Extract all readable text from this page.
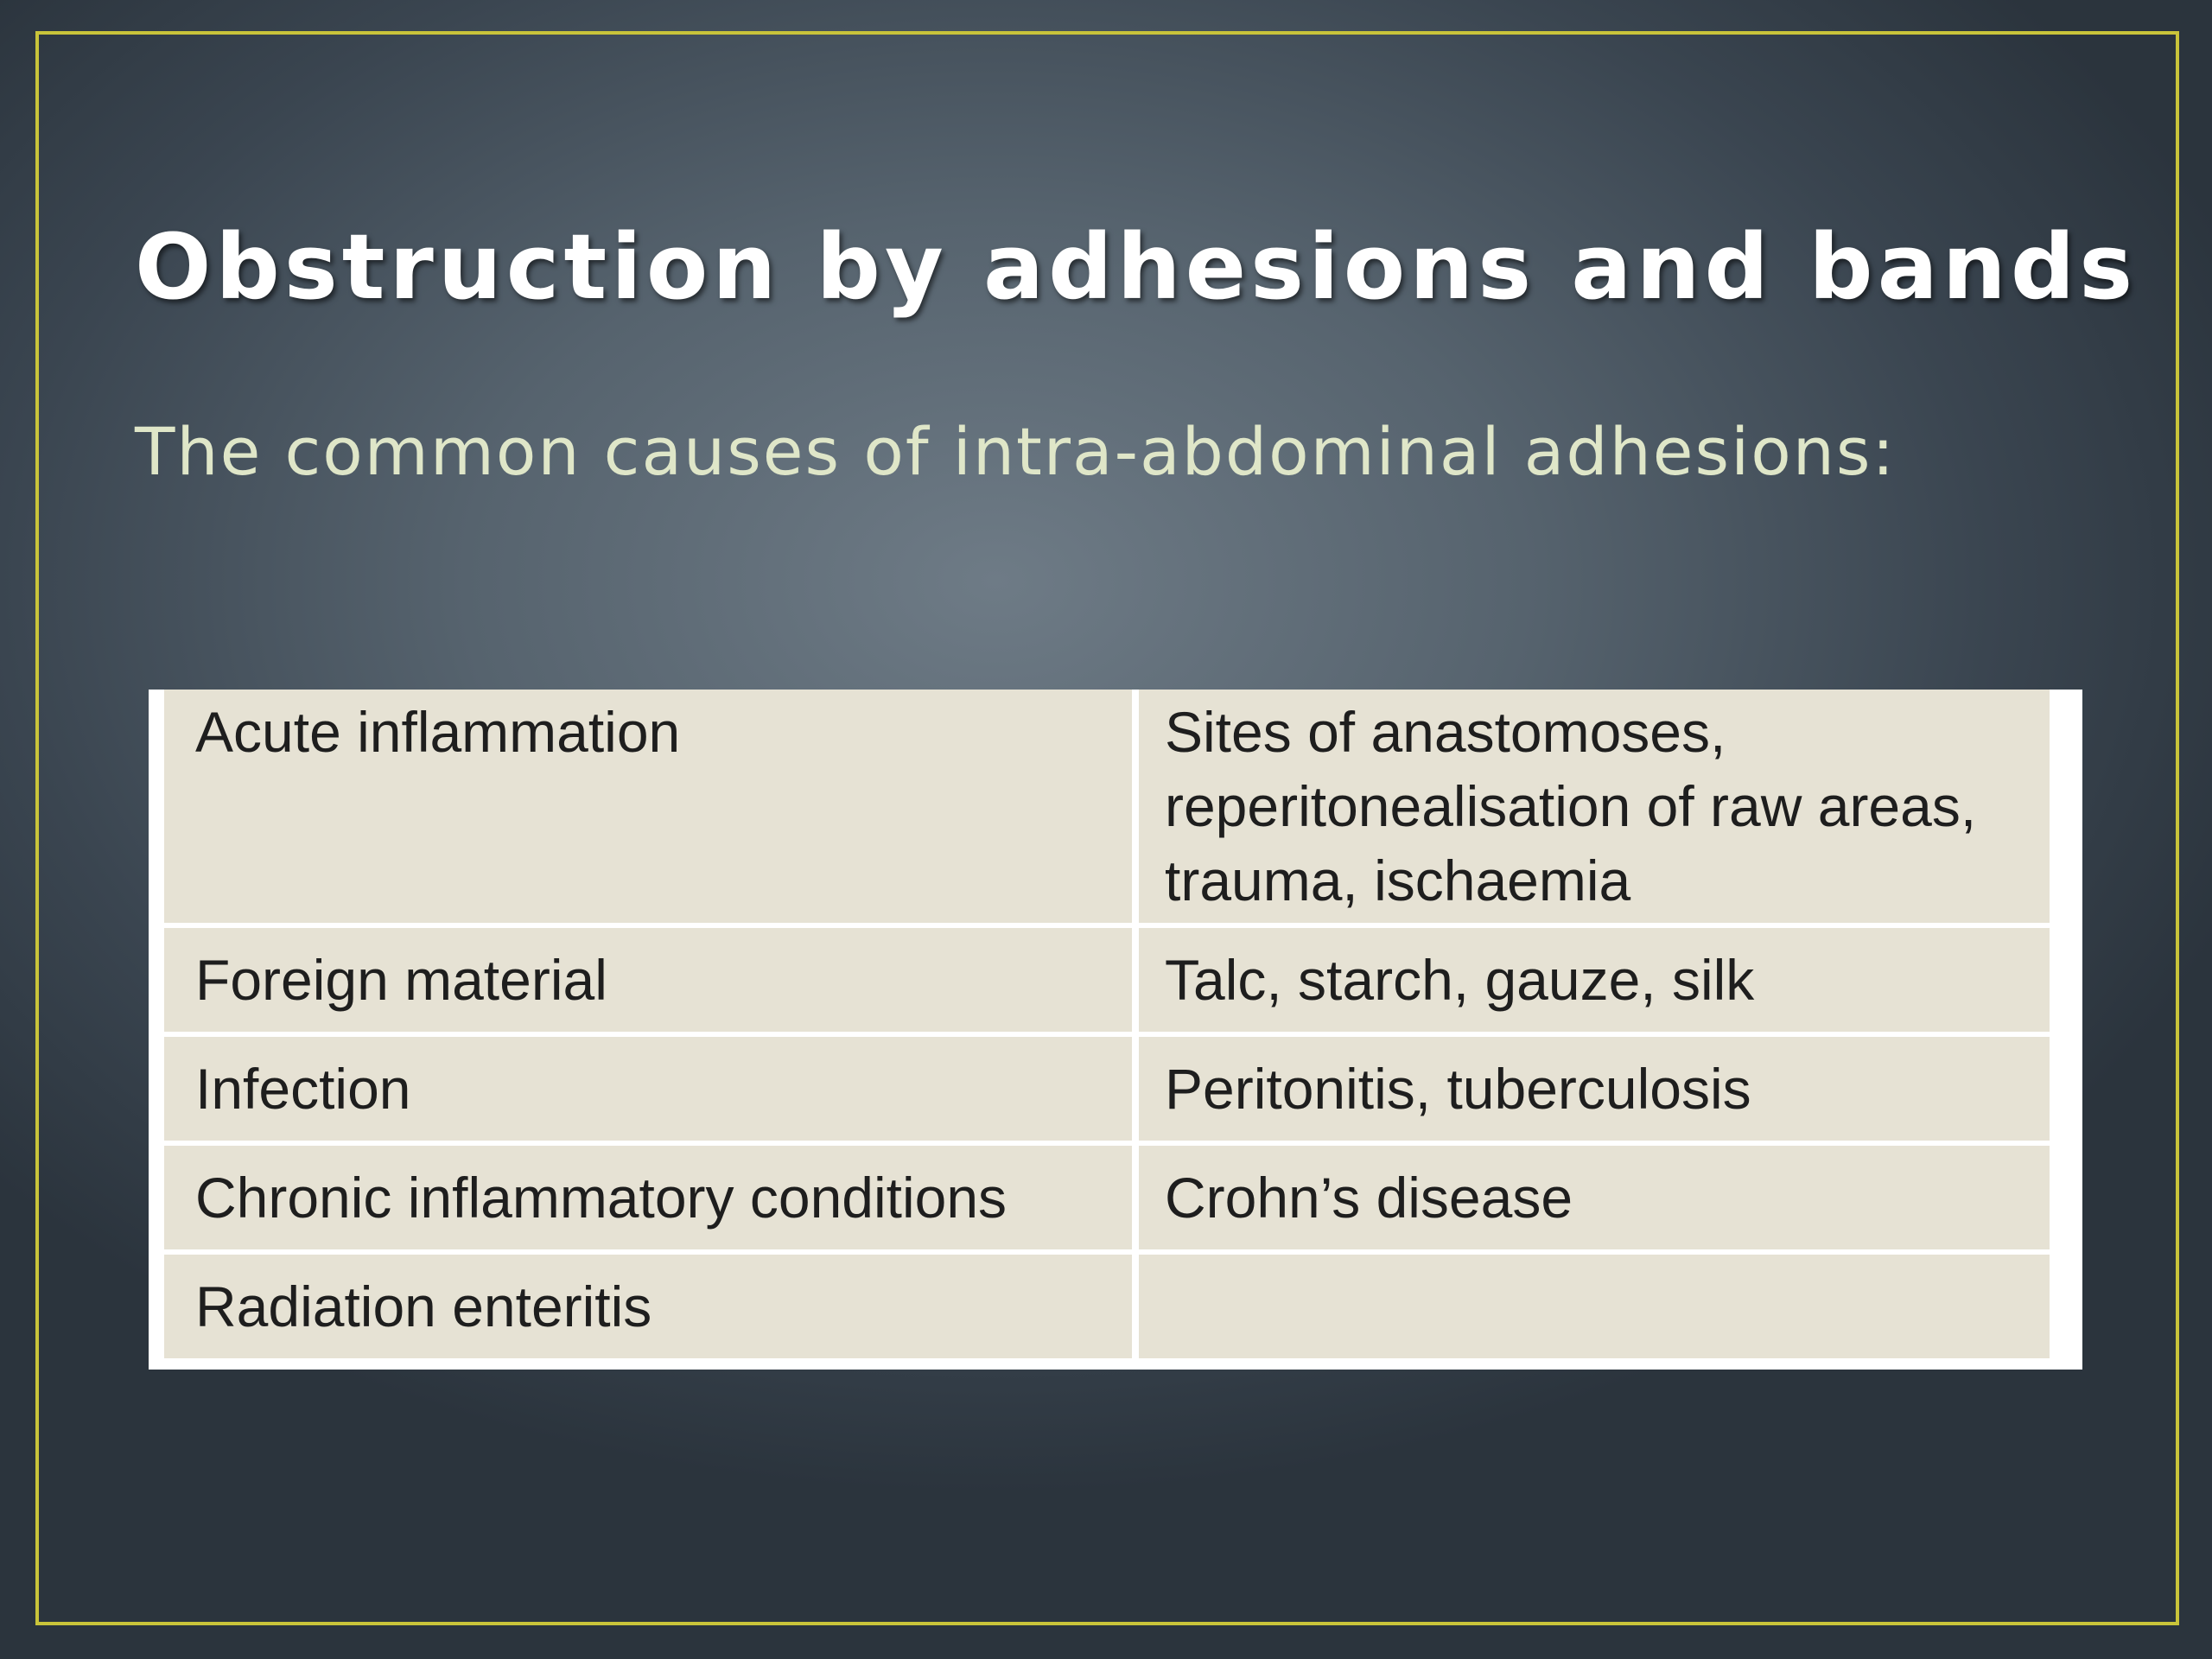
Obstruction by adhesions and bands

The common causes of intra-abdominal adhesions:

Acute inflammation	Sites of anastomoses, reperitonealisation of raw areas, trauma, ischaemia
Foreign material	Talc, starch, gauze, silk
Infection	Peritonitis, tuberculosis
Chronic inflammatory conditions	Crohn’s disease
Radiation enteritis	
